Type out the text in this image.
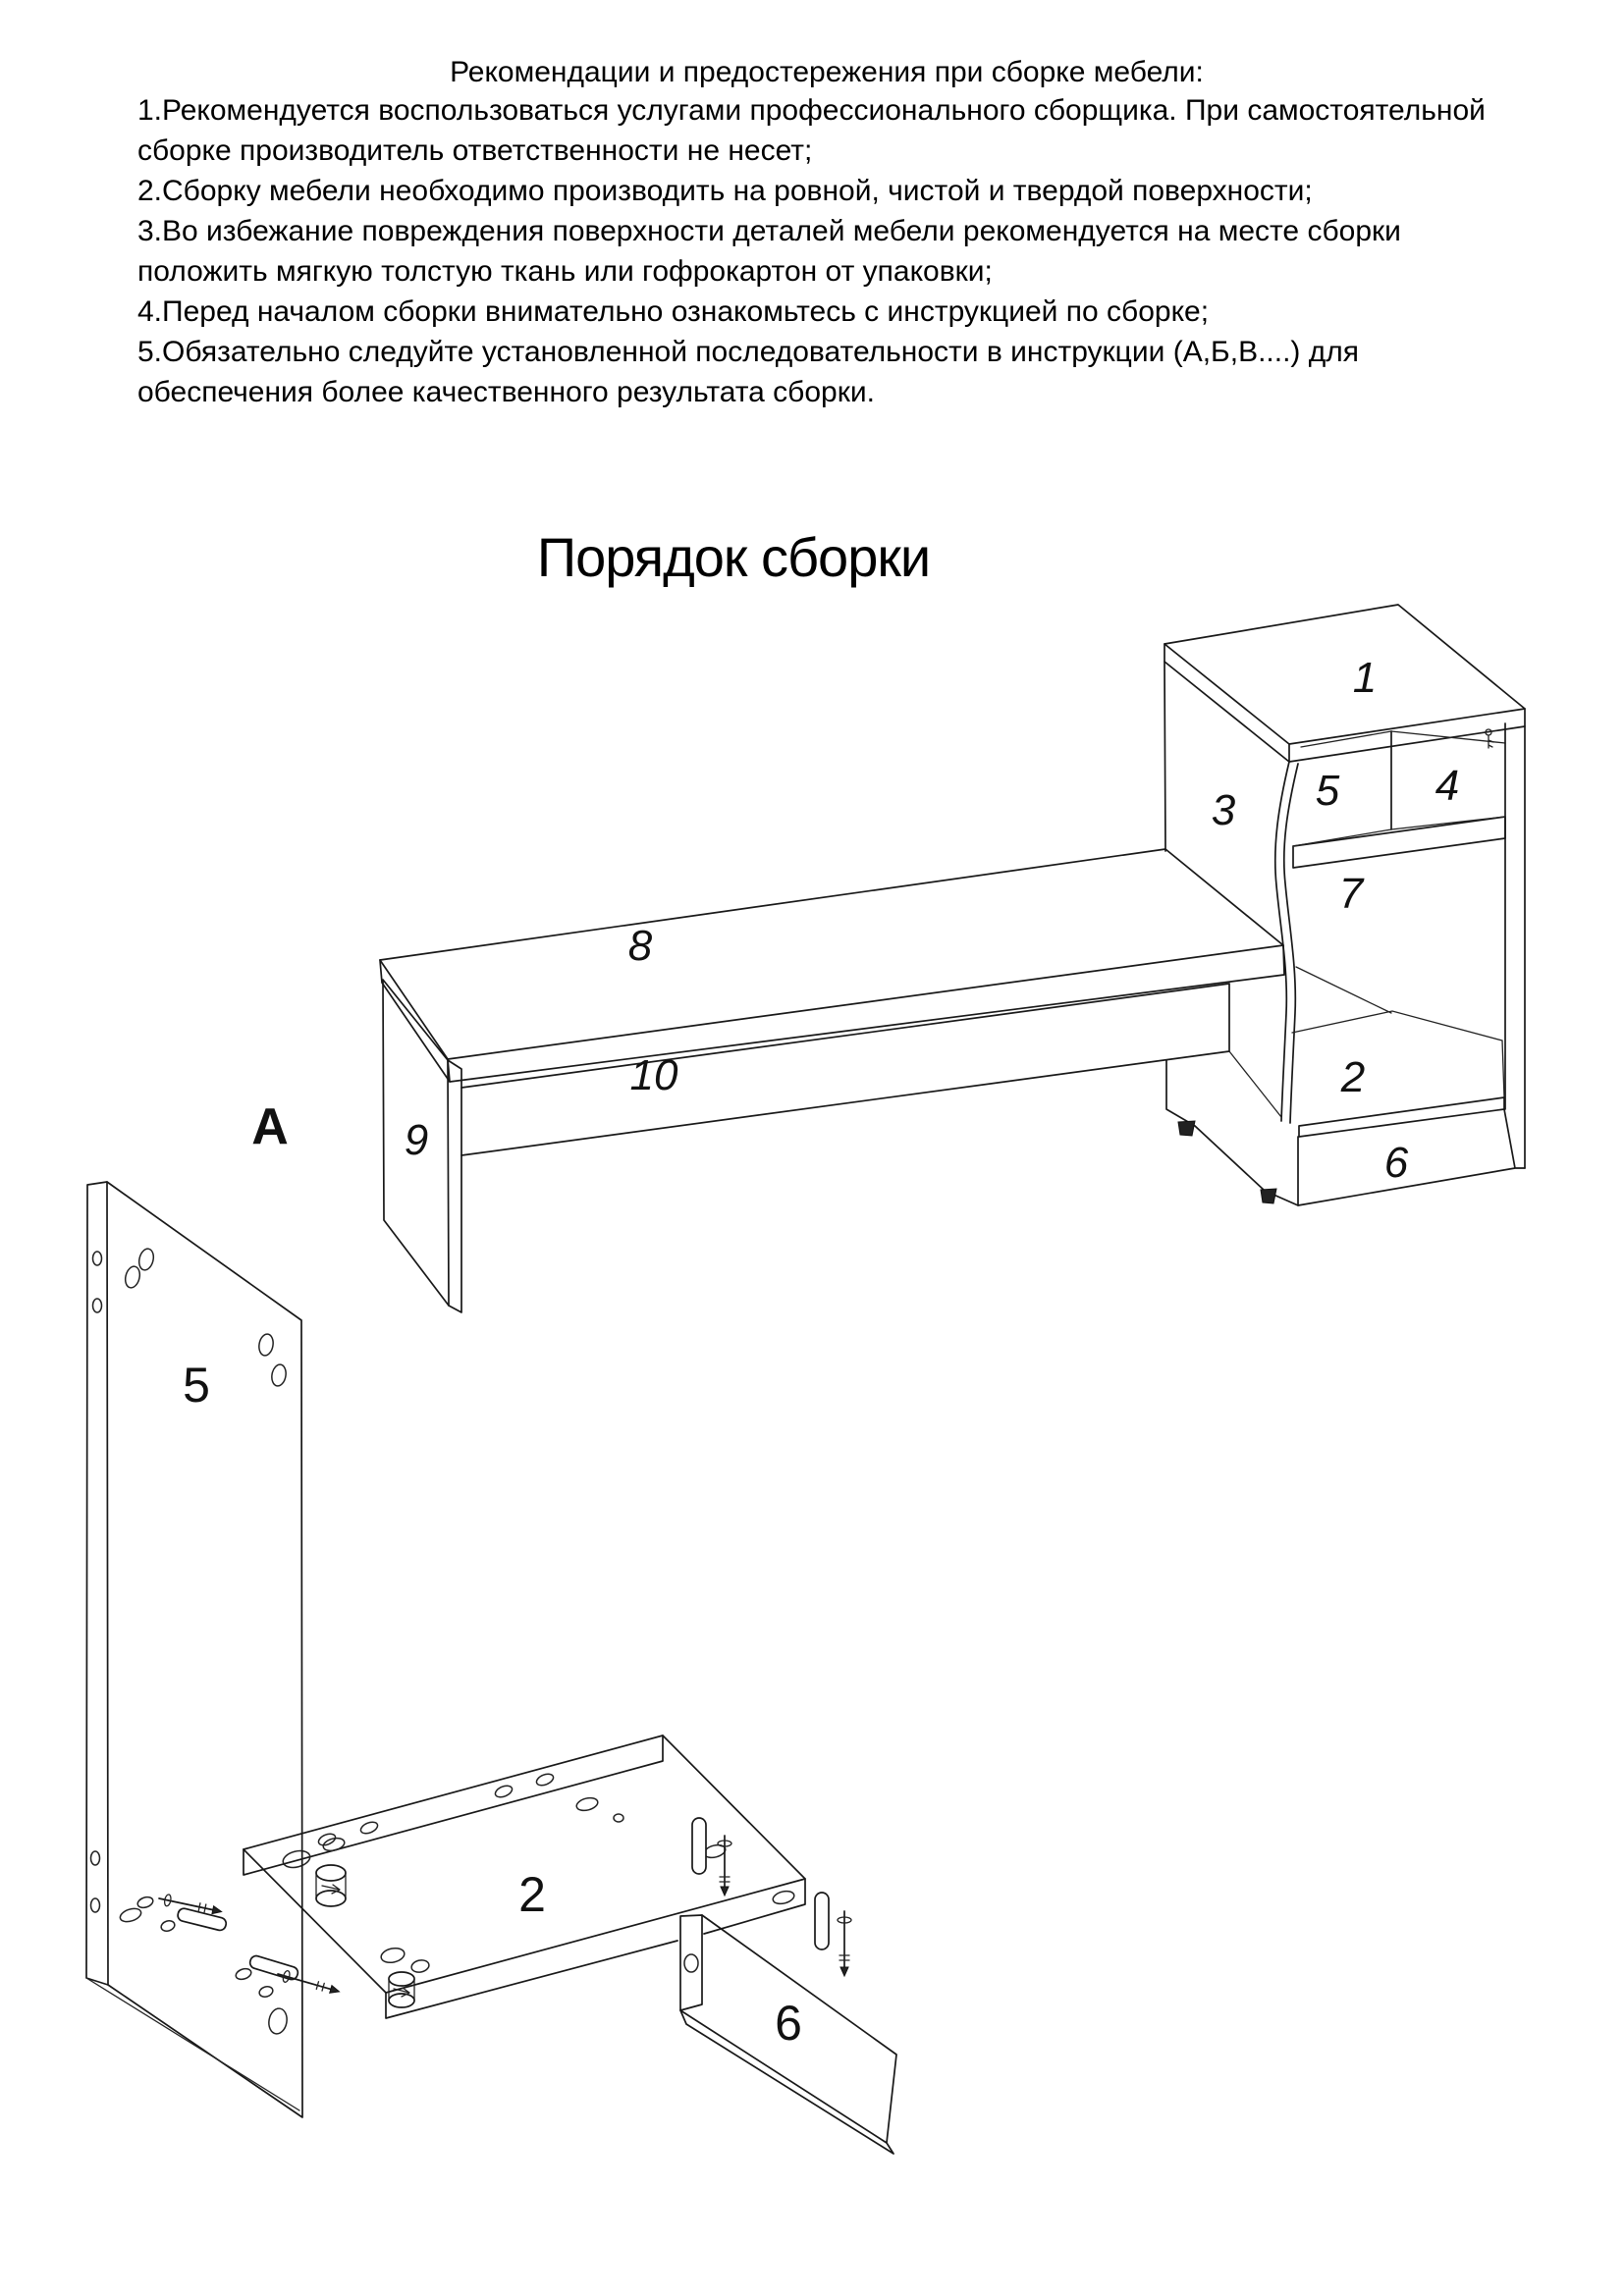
Рекомендации и предостережения при сборке мебели:
1.Рекомендуется воспользоваться услугами профессионального сборщика. При самостоятельной
сборке производитель ответственности не несет;
2.Сборку мебели необходимо производить на ровной, чистой и твердой поверхности;
3.Во избежание повреждения поверхности деталей мебели рекомендуется на месте сборки
положить мягкую толстую ткань или гофрокартон от упаковки;
4.Перед началом сборки внимательно ознакомьтесь с инструкцией по сборке;
5.Обязательно следуйте установленной последовательности в инструкции (А,Б,В....) для
обеспечения более качественного результата сборки.
Порядок сборки
1
3 5 4
7
8
10
9
2
6
А
2
5
6
